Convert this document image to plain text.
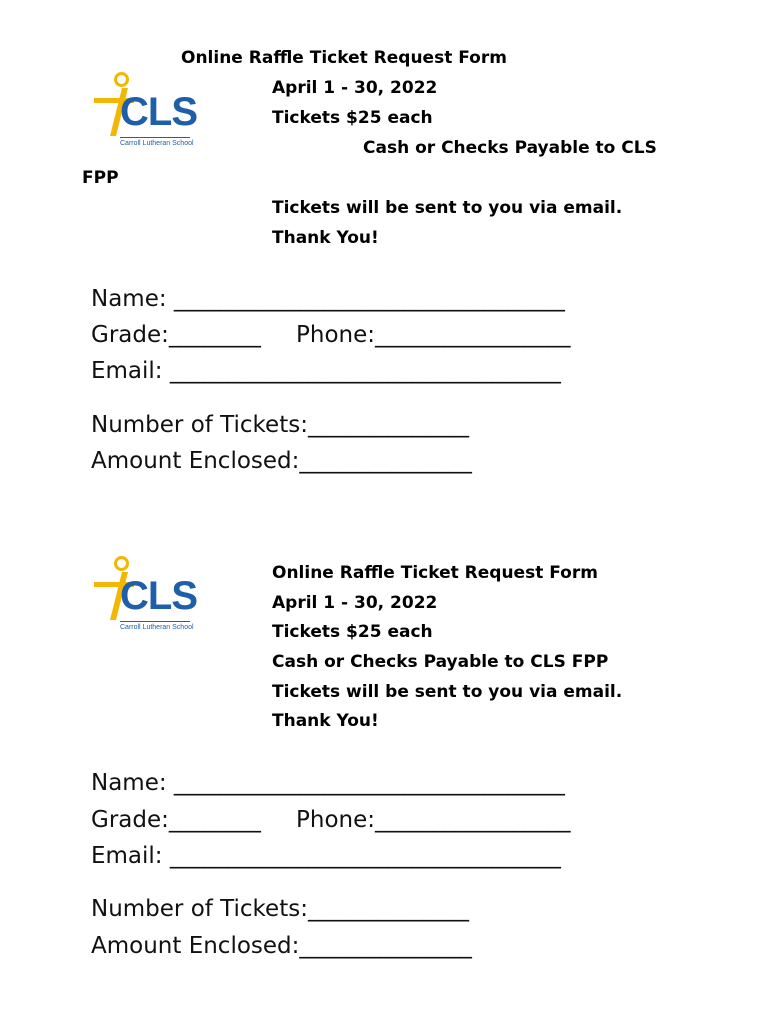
CLS
Carroll Lutheran School
Online Raffle Ticket Request Form
April 1 - 30, 2022
Tickets $25 each
Cash or Checks Payable to CLS
FPP
Tickets will be sent to you via email.
Thank You!
Name: __________________________________
Grade:________ Phone:_________________
Email: __________________________________
Number of Tickets:______________
Amount Enclosed:_______________
CLS
Carroll Lutheran School
Online Raffle Ticket Request Form
April 1 - 30, 2022
Tickets $25 each
Cash or Checks Payable to CLS FPP
Tickets will be sent to you via email.
Thank You!
Name: __________________________________
Grade:________ Phone:_________________
Email: __________________________________
Number of Tickets:______________
Amount Enclosed:_______________
